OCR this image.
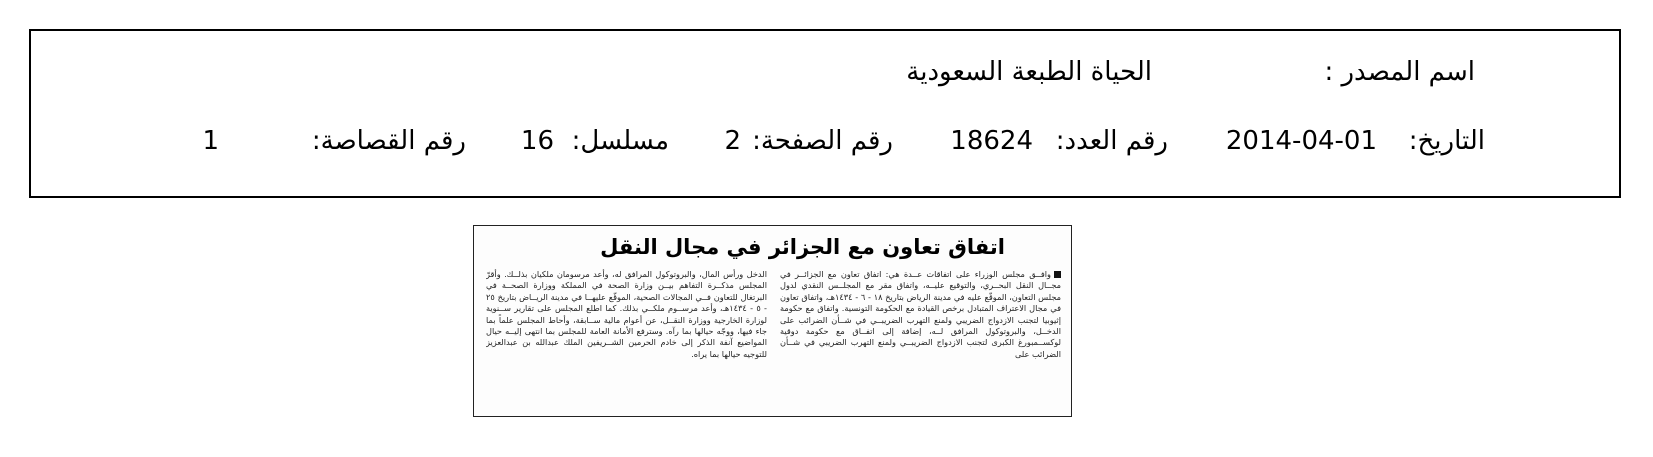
اسم المصدر :
الحياة الطبعة السعودية
التاريخ:
2014-04-01
رقم العدد:
18624
رقم الصفحة:
2
مسلسل:
16
رقم القصاصة:
1
اتفاق تعاون مع الجزائر في مجال النقل
وافــق مجلس الوزراء على اتفاقات عــدة هي: اتفاق تعاون مع الجزائــر في مجــال النقل البحــري، والتوقيع عليــه، واتفاق مقر مع المجلــس النقدي لدول مجلس التعاون، الموقّع عليه في مدينة الرياض بتاريخ ١٨ - ٦ - ١٤٣٤هـ، واتفاق تعاون في مجال الاعتراف المتبادل برخص القيادة مع الحكومة التونسية. واتفاق مع حكومة إثيوبيا لتجنب الازدواج الضريبي ولمنع التهرب الضريبــي في شــأن الضرائب على الدخــل، والبروتوكول المرافق لــه، إضافة إلى اتفــاق مع حكومة دوقية لوكســمبورغ الكبرى لتجنب الازدواج الضريبــي ولمنع التهرب الضريبي في شــأن الضرائب على
الدخل ورأس المال، والبروتوكول المرافق له، وأعد مرسومان ملكيان بذلــك. وأقرّ المجلس مذكــرة التفاهم بيــن وزارة الصحة في المملكة ووزارة الصحــة في البرتغال للتعاون فــي المجالات الصحية، الموقّع عليهــا في مدينة الريــاض بتاريخ ٢٥ - ٥ - ١٤٣٤هـ، وأعد مرســوم ملكــي بذلك. كما اطلع المجلس على تقارير ســنوية لوزارة الخارجية ووزارة النقــل، عن أعوام مالية ســابقة، وأحاط المجلس علماً بما جاء فيها، ووجّه حيالها بما رآه. وسترفع الأمانة العامة للمجلس بما انتهى إليــه حيال المواضيع آنفة الذكر إلى خادم الحرمين الشــريفين الملك عبدالله بن عبدالعزيز للتوجيه حيالها بما يراه.
